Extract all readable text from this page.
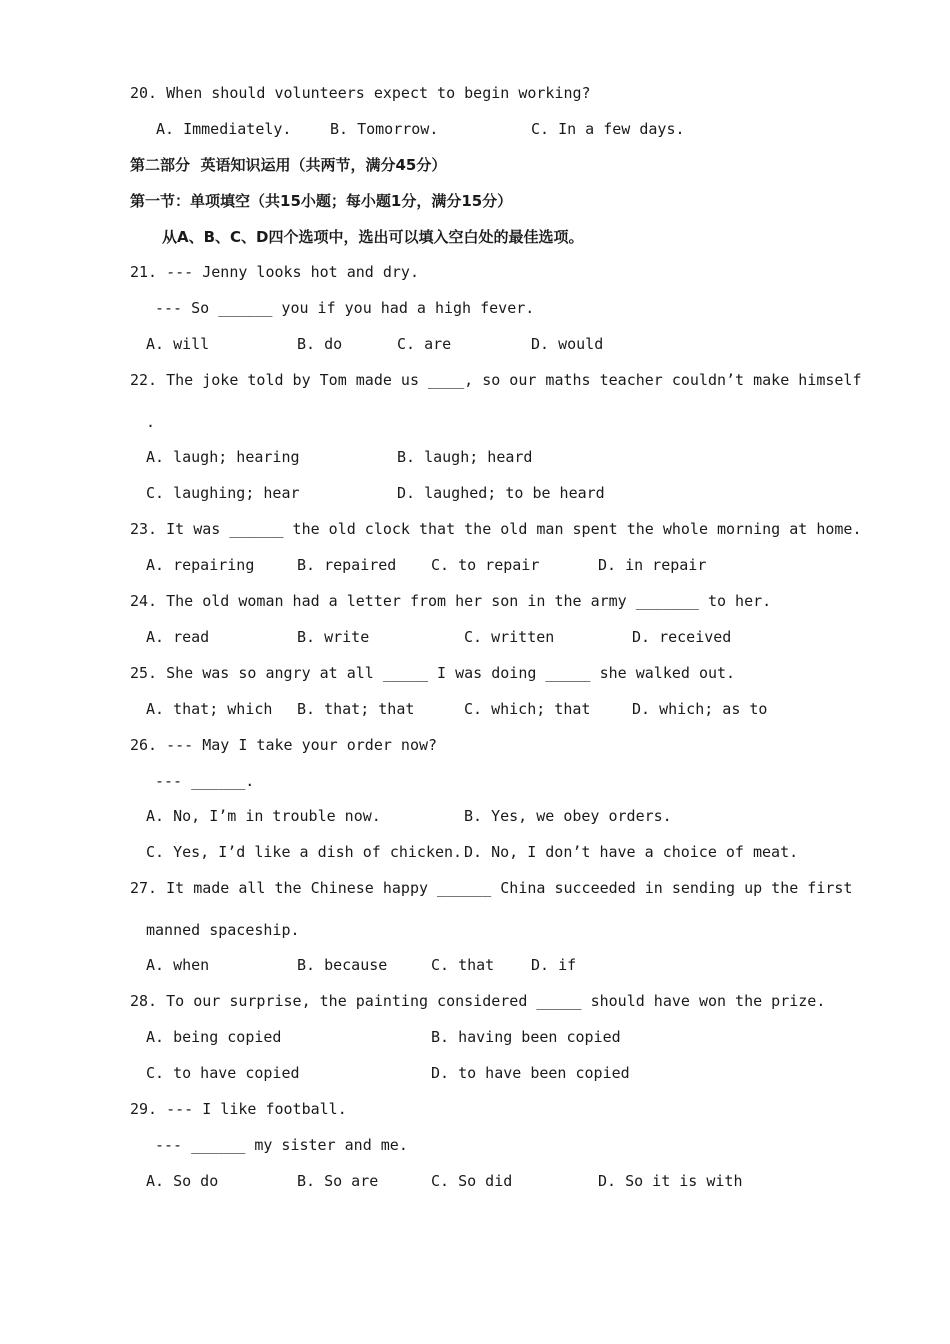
20. When should volunteers expect to begin working?
A. Immediately.	B. Tomorrow.	C. In a few days.
第二部分  英语知识运用（共两节，满分45分）
第一节：单项填空（共15小题；每小题1分，满分15分）
从A、B、C、D四个选项中，选出可以填入空白处的最佳选项。
21. --- Jenny looks hot and dry.
--- So ______ you if you had a high fever.
A. will	B. do	C. are	D. would
22. The joke told by Tom made us ____, so our maths teacher couldn’t make himself
.
A. laugh; hearing	B. laugh; heard
C. laughing; hear	D. laughed; to be heard
23. It was ______ the old clock that the old man spent the whole morning at home.
A. repairing	B. repaired C. to repair	D. in repair
24. The old woman had a letter from her son in the army _______ to her.
A. read	B. write	C. written	D. received
25. She was so angry at all _____ I was doing _____ she walked out.
A. that; which B. that; that	C. which; that	D. which; as to
26. --- May I take your order now?
--- ______.
A. No, I’m in trouble now.	B. Yes, we obey orders.
C. Yes, I’d like a dish of chicken. D. No, I don’t have a choice of meat.
27. It made all the Chinese happy ______ China succeeded in sending up the first
manned spaceship.
A. when	B. because	C. that D. if
28. To our surprise, the painting considered _____ should have won the prize.
A. being copied	B. having been copied
C. to have copied	D. to have been copied
29. --- I like football.
--- ______ my sister and me.
A. So do	B. So are	C. So did	D. So it is with
